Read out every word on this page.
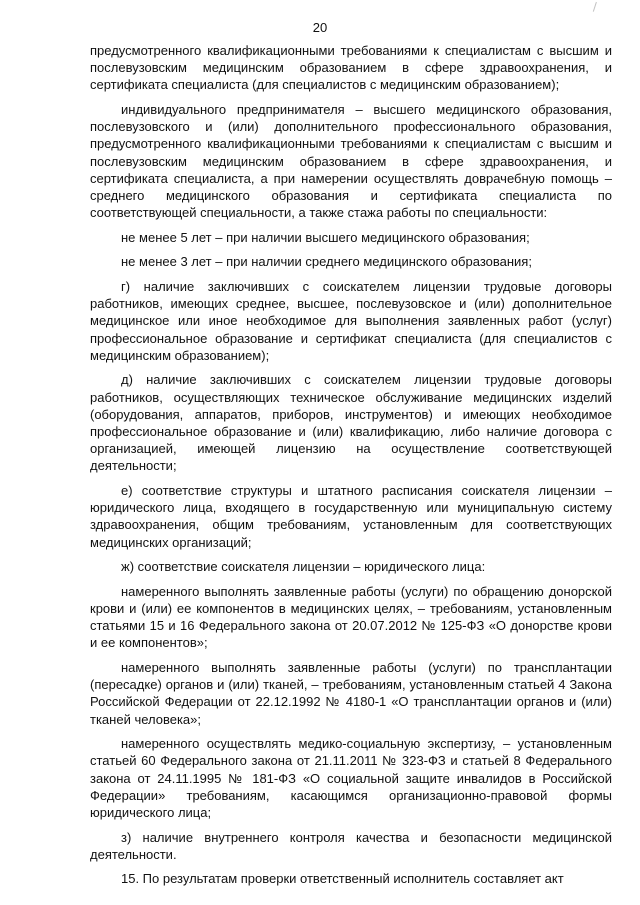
20

предусмотренного квалификационными требованиями к специалистам с высшим и послевузовским медицинским образованием в сфере здравоохранения, и сертификата специалиста (для специалистов с медицинским образованием);

индивидуального предпринимателя – высшего медицинского образования, послевузовского и (или) дополнительного профессионального образования, предусмотренного квалификационными требованиями к специалистам с высшим и послевузовским медицинским образованием в сфере здравоохранения, и сертификата специалиста, а при намерении осуществлять доврачебную помощь – среднего медицинского образования и сертификата специалиста по соответствующей специальности, а также стажа работы по специальности:

не менее 5 лет – при наличии высшего медицинского образования;

не менее 3 лет – при наличии среднего медицинского образования;

г) наличие заключивших с соискателем лицензии трудовые договоры работников, имеющих среднее, высшее, послевузовское и (или) дополнительное медицинское или иное необходимое для выполнения заявленных работ (услуг) профессиональное образование и сертификат специалиста (для специалистов с медицинским образованием);

д) наличие заключивших с соискателем лицензии трудовые договоры работников, осуществляющих техническое обслуживание медицинских изделий (оборудования, аппаратов, приборов, инструментов) и имеющих необходимое профессиональное образование и (или) квалификацию, либо наличие договора с организацией, имеющей лицензию на осуществление соответствующей деятельности;

е) соответствие структуры и штатного расписания соискателя лицензии – юридического лица, входящего в государственную или муниципальную систему здравоохранения, общим требованиям, установленным для соответствующих медицинских организаций;

ж) соответствие соискателя лицензии – юридического лица:

намеренного выполнять заявленные работы (услуги) по обращению донорской крови и (или) ее компонентов в медицинских целях, – требованиям, установленным статьями 15 и 16 Федерального закона от 20.07.2012 № 125-ФЗ «О донорстве крови и ее компонентов»;

намеренного выполнять заявленные работы (услуги) по трансплантации (пересадке) органов и (или) тканей, – требованиям, установленным статьей 4 Закона Российской Федерации от 22.12.1992 № 4180-1 «О трансплантации органов и (или) тканей человека»;

намеренного осуществлять медико-социальную экспертизу, – установленным статьей 60 Федерального закона от 21.11.2011 № 323-ФЗ и статьей 8 Федерального закона от 24.11.1995 № 181-ФЗ «О социальной защите инвалидов в Российской Федерации» требованиям, касающимся организационно-правовой формы юридического лица;

з) наличие внутреннего контроля качества и безопасности медицинской деятельности.

15. По результатам проверки ответственный исполнитель составляет акт
